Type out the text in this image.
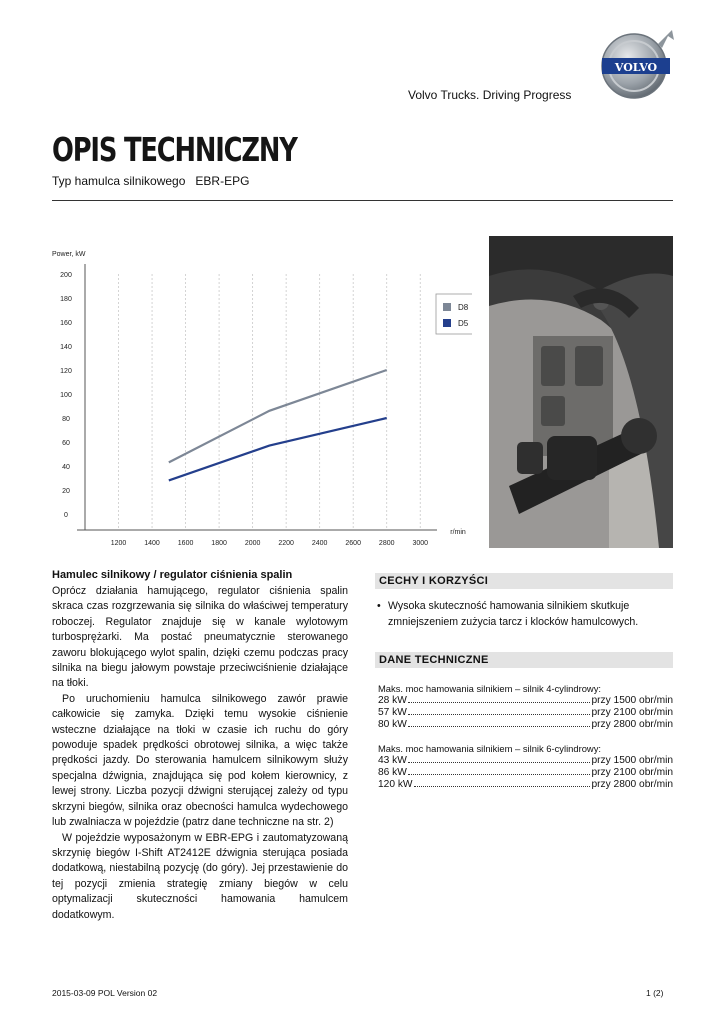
VOLVO
Volvo Trucks. Driving Progress
OPIS TECHNICZNY
Typ hamulca silnikowego EBR-EPG
0
20
40
60
80
100
120
140
160
180
200
1200	1400	1600	1800	2000	2200	2400	2600	2800	3000
Power, kW
r/min
D8
D5
Hamulec silnikowy / regulator ciśnienia spalin

Oprócz działania hamującego, regulator ciśnienia spalin skraca czas rozgrzewania się silnika do właściwej temperatury roboczej. Regulator znajduje się w kanale wylotowym turbosprężarki. Ma postać pneumatycznie sterowanego zaworu blokującego wylot spalin, dzięki czemu podczas pracy silnika na biegu jałowym powstaje przeciwciśnienie działające na tłoki.

Po uruchomieniu hamulca silnikowego zawór prawie całkowicie się zamyka. Dzięki temu wysokie ciśnienie wsteczne działające na tłoki w czasie ich ruchu do góry powoduje spadek prędkości obrotowej silnika, a więc także prędkości jazdy. Do sterowania hamulcem silnikowym służy specjalna dźwignia, znajdująca się pod kołem kierownicy, z lewej strony. Liczba pozycji dźwigni sterującej zależy od typu skrzyni biegów, silnika oraz obecności hamulca wydechowego lub zwalniacza w pojeździe (patrz dane techniczne na str. 2)

W pojeździe wyposażonym w EBR-EPG i zautomatyzowaną skrzynię biegów I-Shift AT2412E dźwignia sterująca posiada dodatkową, niestabilną pozycję (do góry). Jej przestawienie do tej pozycji zmienia strategię zmiany biegów w celu optymalizacji skuteczności hamowania hamulcem dodatkowym.

CECHY I KORZYŚCI
• Wysoka skuteczność hamowania silnikiem skutkuje zmniejszeniem zużycia tarcz i klocków hamulcowych.
DANE TECHNICZNE
Maks. moc hamowania silnikiem – silnik 4-cylindrowy:
28 kW	przy 1500 obr/min
57 kW	przy 2100 obr/min
80 kW	przy 2800 obr/min
Maks. moc hamowania silnikiem – silnik 6-cylindrowy:
43 kW	przy 1500 obr/min
86 kW	przy 2100 obr/min
120 kW	przy 2800 obr/min
2015-03-09 POL Version 02	1 (2)
